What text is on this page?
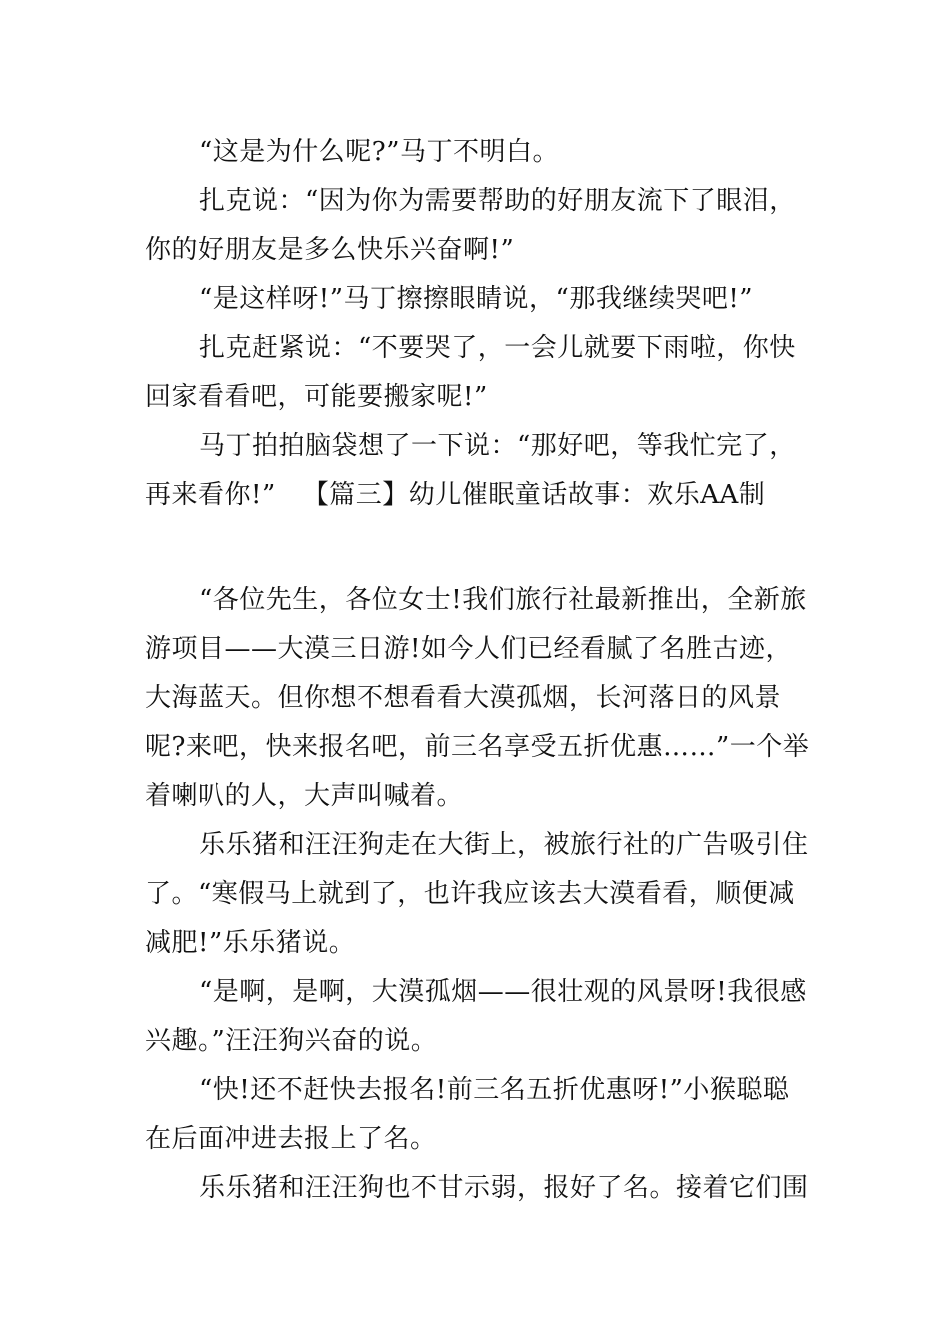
“这是为什么呢?”马丁不明白。

扎克说：“因为你为需要帮助的好朋友流下了眼泪，你的好朋友是多么快乐兴奋啊!”

“是这样呀!”马丁擦擦眼睛说，“那我继续哭吧!”

扎克赶紧说：“不要哭了，一会儿就要下雨啦，你快回家看看吧，可能要搬家呢!”

马丁拍拍脑袋想了一下说：“那好吧，等我忙完了，再来看你!” 【篇三】幼儿催眠童话故事：欢乐AA制

“各位先生，各位女士!我们旅行社最新推出，全新旅游项目——大漠三日游!如今人们已经看腻了名胜古迹，大海蓝天。但你想不想看看大漠孤烟，长河落日的风景呢?来吧，快来报名吧，前三名享受五折优惠……”一个举着喇叭的人，大声叫喊着。

乐乐猪和汪汪狗走在大街上，被旅行社的广告吸引住了。“寒假马上就到了，也许我应该去大漠看看，顺便减减肥!”乐乐猪说。

“是啊，是啊，大漠孤烟——很壮观的风景呀!我很感兴趣。”汪汪狗兴奋的说。

“快!还不赶快去报名!前三名五折优惠呀!”小猴聪聪在后面冲进去报上了名。

乐乐猪和汪汪狗也不甘示弱，报好了名。接着它们围
